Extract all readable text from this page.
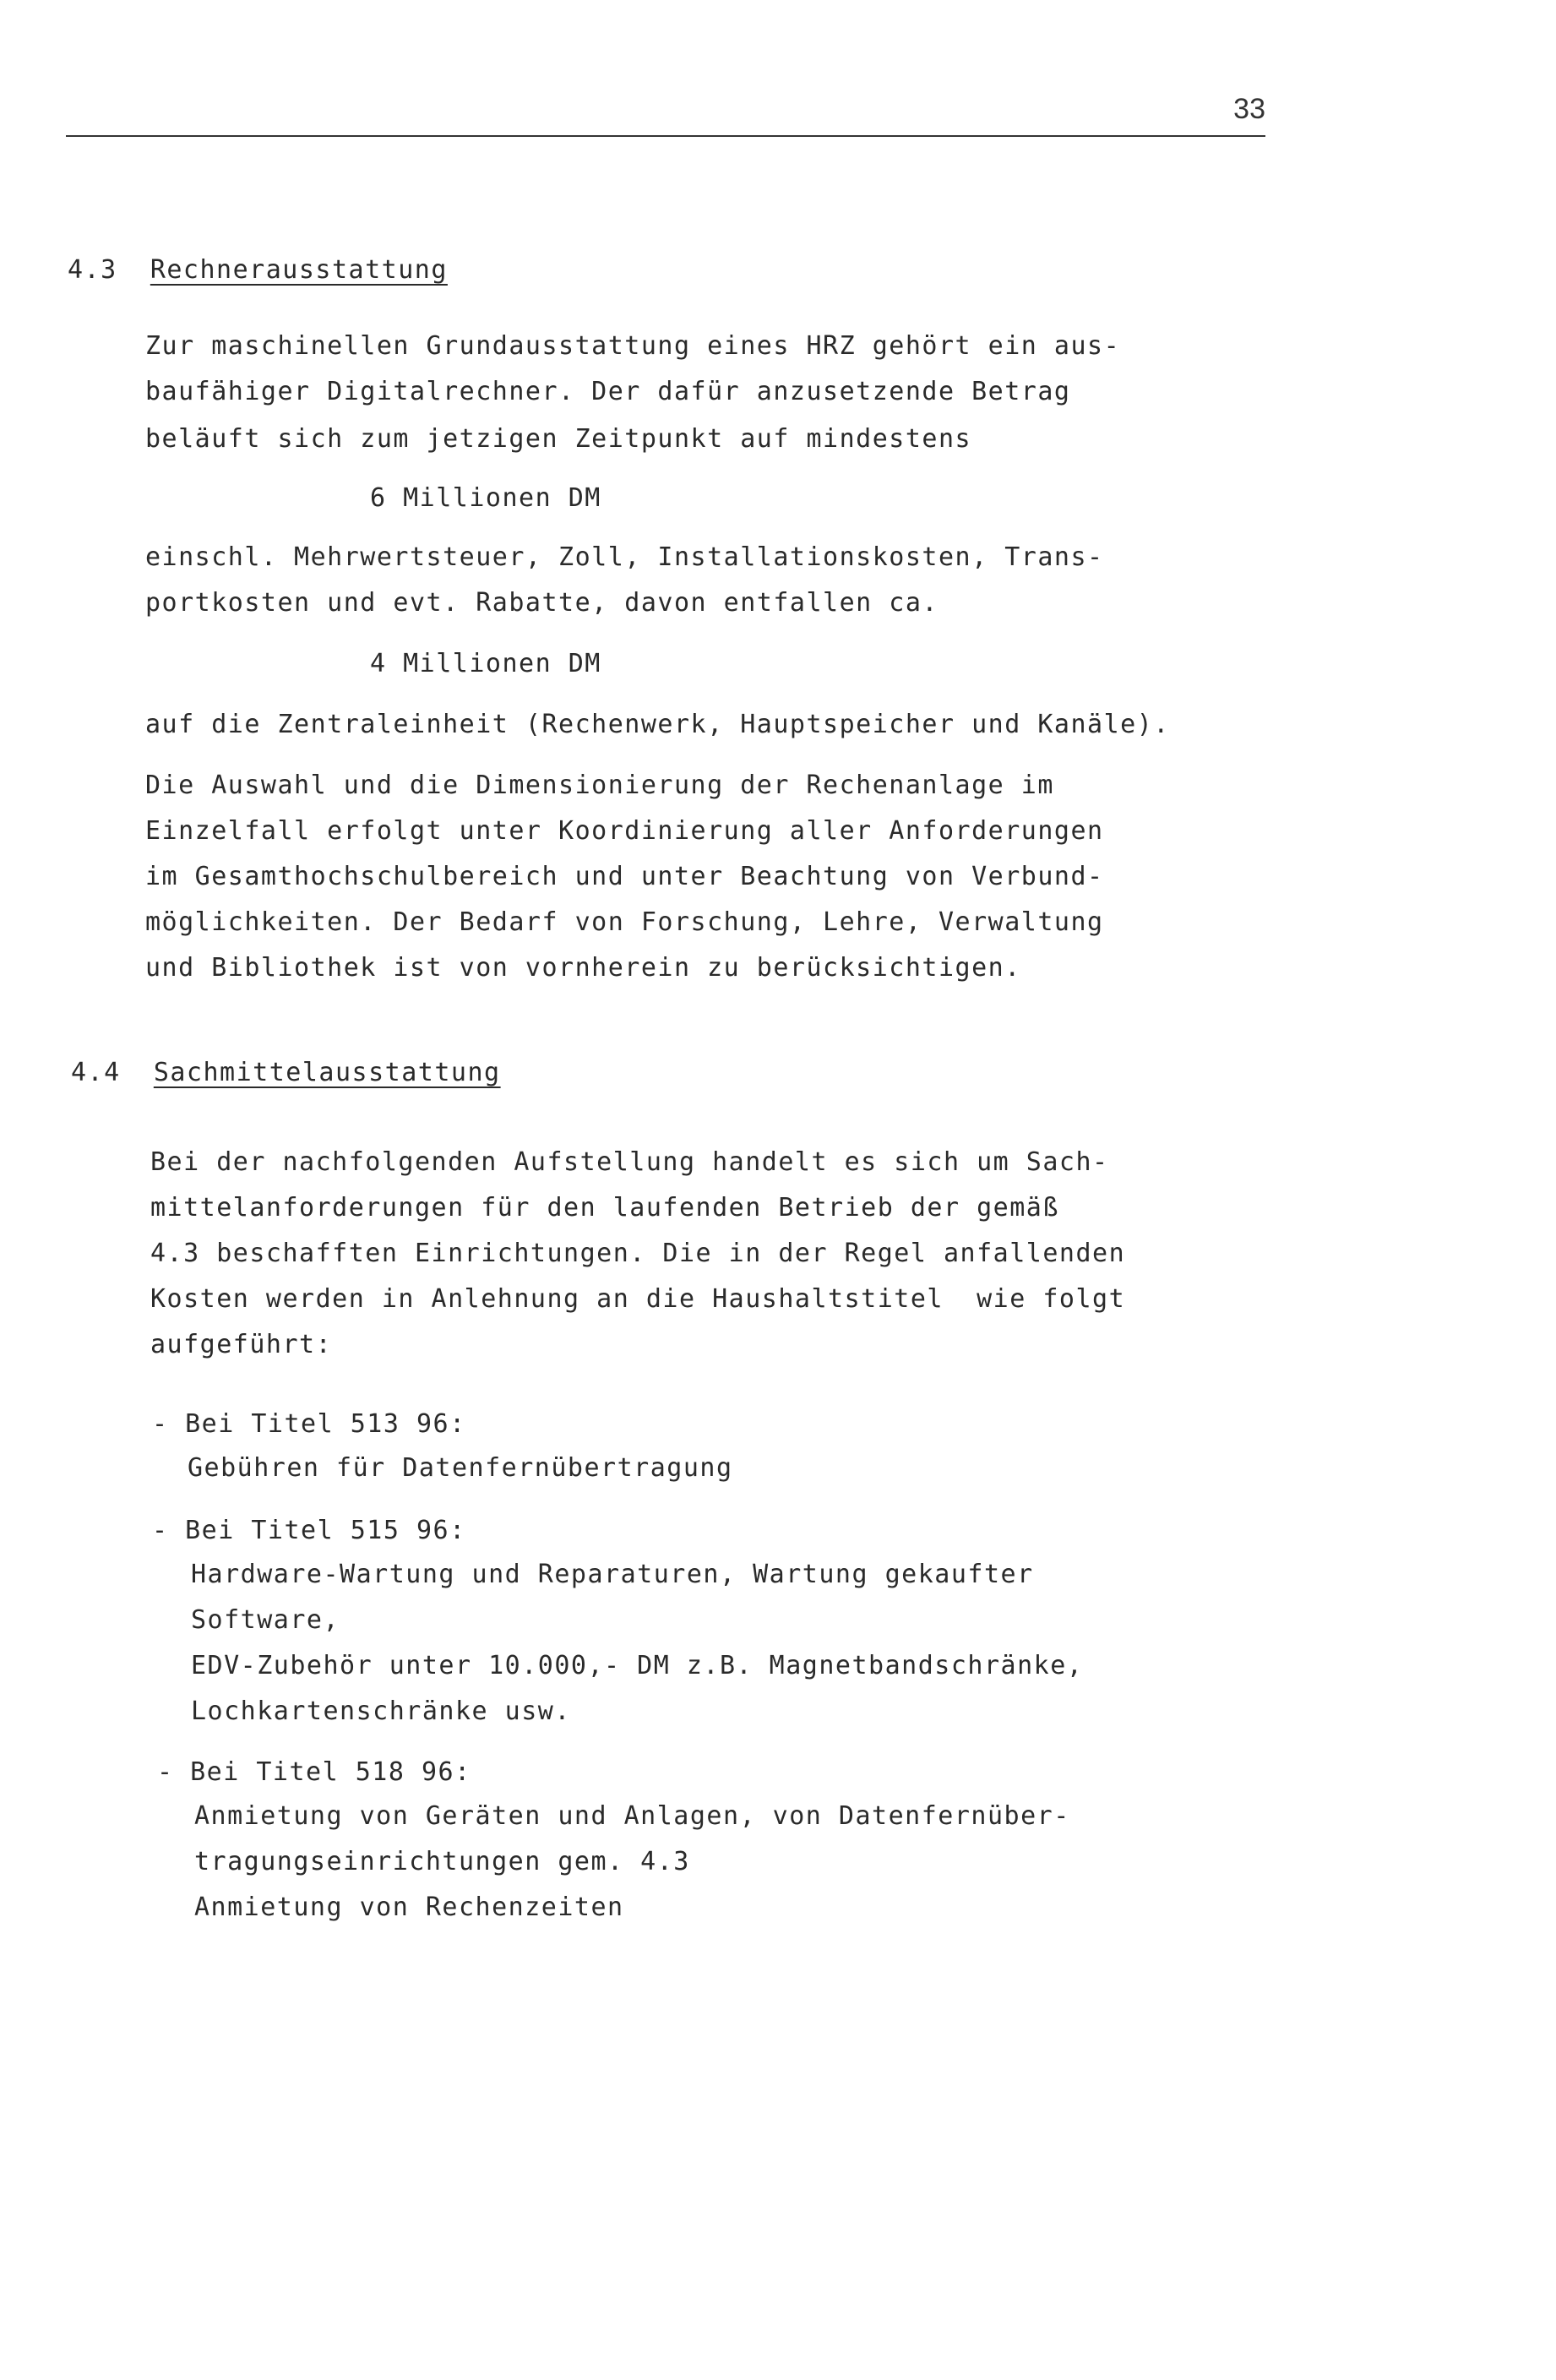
33
4.3 Rechnerausstattung
Zur maschinellen Grundausstattung eines HRZ gehört ein aus-
baufähiger Digitalrechner. Der dafür anzusetzende Betrag
beläuft sich zum jetzigen Zeitpunkt auf mindestens
6 Millionen DM
einschl. Mehrwertsteuer, Zoll, Installationskosten, Trans-
portkosten und evt. Rabatte, davon entfallen ca.
4 Millionen DM
auf die Zentraleinheit (Rechenwerk, Hauptspeicher und Kanäle).
Die Auswahl und die Dimensionierung der Rechenanlage im
Einzelfall erfolgt unter Koordinierung aller Anforderungen
im Gesamthochschulbereich und unter Beachtung von Verbund-
möglichkeiten. Der Bedarf von Forschung, Lehre, Verwaltung
und Bibliothek ist von vornherein zu berücksichtigen.
4.4 Sachmittelausstattung
Bei der nachfolgenden Aufstellung handelt es sich um Sach-
mittelanforderungen für den laufenden Betrieb der gemäß
4.3 beschafften Einrichtungen. Die in der Regel anfallenden
Kosten werden in Anlehnung an die Haushaltstitel  wie folgt
aufgeführt:
- Bei Titel 513 96:
Gebühren für Datenfernübertragung
- Bei Titel 515 96:
Hardware-Wartung und Reparaturen, Wartung gekaufter
Software,
EDV-Zubehör unter 10.000,- DM z.B. Magnetbandschränke,
Lochkartenschränke usw.
- Bei Titel 518 96:
Anmietung von Geräten und Anlagen, von Datenfernüber-
tragungseinrichtungen gem. 4.3
Anmietung von Rechenzeiten
